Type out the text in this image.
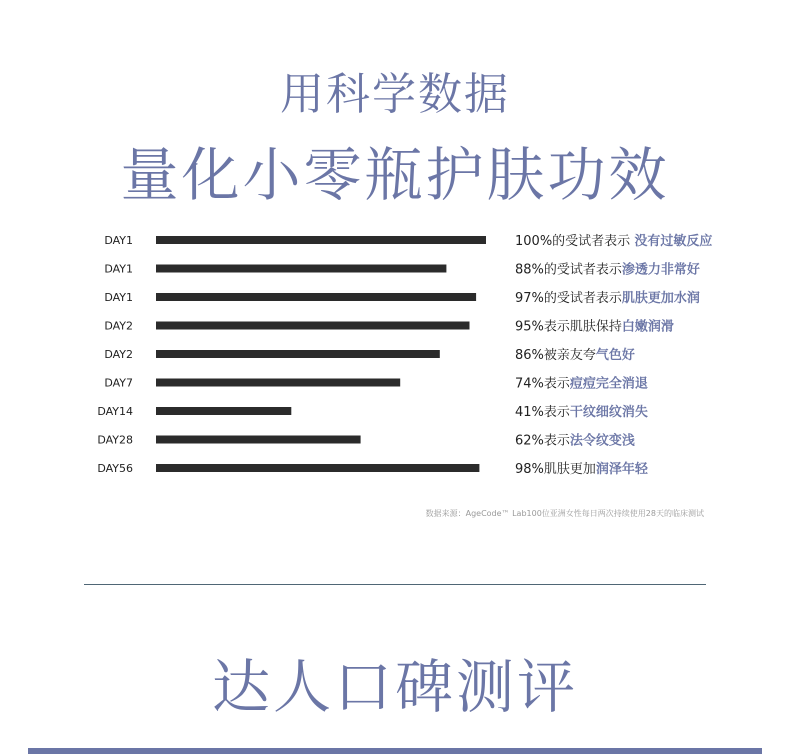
用科学数据
量化小零瓶护肤功效
DAY1	100%的受试者表示 没有过敏反应
DAY1	88%的受试者表示渗透力非常好
DAY1	97%的受试者表示肌肤更加水润
DAY2	95%表示肌肤保持白嫩润滑
DAY2	86%被亲友夸气色好
DAY7	74%表示痘痘完全消退
DAY14	41%表示干纹细纹消失
DAY28	62%表示法令纹变浅
DAY56	98%肌肤更加润泽年轻
数据来源：AgeCode™ Lab100位亚洲女性每日两次持续使用28天的临床测试
达人口碑测评
